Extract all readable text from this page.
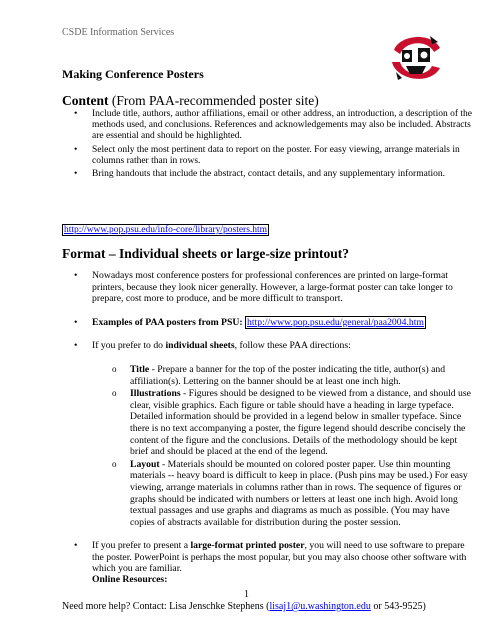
CSDE Information Services
Making Conference Posters
Content (From PAA-recommended poster site)
• Include title, authors, author affiliations, email or other address, an introduction, a description of the methods used, and conclusions. References and acknowledgements may also be included. Abstracts are essential and should be highlighted.
• Select only the most pertinent data to report on the poster. For easy viewing, arrange materials in columns rather than in rows.
• Bring handouts that include the abstract, contact details, and any supplementary information.
http://www.pop.psu.edu/info-core/library/posters.htm
Format – Individual sheets or large-size printout?
• Nowadays most conference posters for professional conferences are printed on large-format printers, because they look nicer generally. However, a large-format poster can take longer to prepare, cost more to produce, and be more difficult to transport.
• Examples of PAA posters from PSU: http://www.pop.psu.edu/general/paa2004.htm
• If you prefer to do individual sheets, follow these PAA directions:
o Title - Prepare a banner for the top of the poster indicating the title, author(s) and affiliation(s). Lettering on the banner should be at least one inch high.
o Illustrations - Figures should be designed to be viewed from a distance, and should use clear, visible graphics. Each figure or table should have a heading in large typeface. Detailed information should be provided in a legend below in smaller typeface. Since there is no text accompanying a poster, the figure legend should describe concisely the content of the figure and the conclusions. Details of the methodology should be kept brief and should be placed at the end of the legend.
o Layout - Materials should be mounted on colored poster paper. Use thin mounting materials -- heavy board is difficult to keep in place. (Push pins may be used.) For easy viewing, arrange materials in columns rather than in rows. The sequence of figures or graphs should be indicated with numbers or letters at least one inch high. Avoid long textual passages and use graphs and diagrams as much as possible. (You may have copies of abstracts available for distribution during the poster session.
• If you prefer to present a large-format printed poster, you will need to use software to prepare the poster. PowerPoint is perhaps the most popular, but you may also choose other software with which you are familiar.
Online Resources:
1
Need more help? Contact: Lisa Jenschke Stephens (lisaj1@u.washington.edu or 543-9525)
